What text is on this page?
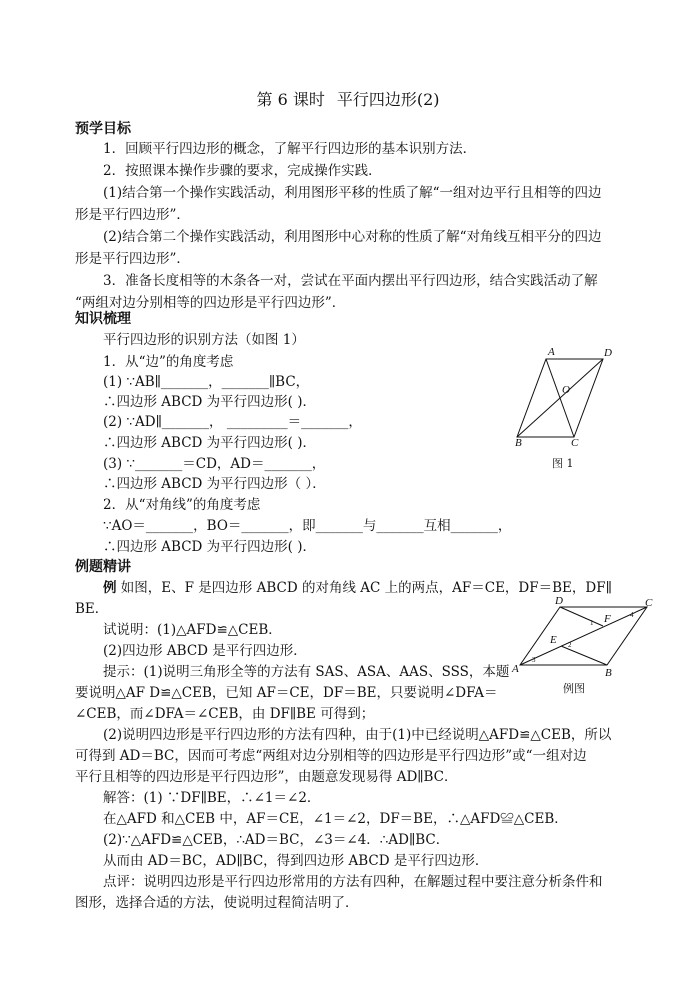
第 6 课时 平行四边形(2)
预学目标
1．回顾平行四边形的概念，了解平行四边形的基本识别方法．
2．按照课本操作步骤的要求，完成操作实践．
(1)结合第一个操作实践活动，利用图形平移的性质了解“一组对边平行且相等的四边
形是平行四边形”．
(2)结合第二个操作实践活动，利用图形中心对称的性质了解“对角线互相平分的四边
形是平行四边形”．
3．准备长度相等的木条各一对，尝试在平面内摆出平行四边形，结合实践活动了解
“两组对边分别相等的四边形是平行四边形”．
知识梳理
平行四边形的识别方法（如图 1）
1．从“边”的角度考虑
(1) ∵AB∥_______，_______∥BC，
∴四边形 ABCD 为平行四边形( )．
(2) ∵AD∥_______， _________＝_______，
∴四边形 ABCD 为平行四边形( )．
(3) ∵_______＝CD，AD＝_______，
∴四边形 ABCD 为平行四边形（ ）．
2．从“对角线”的角度考虑
∵AO＝_______，BO＝_______，即_______与_______互相_______，
∴四边形 ABCD 为平行四边形( )．
A	D
O
B	C
图 1
例题精讲
例 如图，E、F 是四边形 ABCD 的对角线 AC 上的两点，AF＝CE，DF＝BE，DF∥
BE．
试说明：(1)△AFD≌△CEB．
(2)四边形 ABCD 是平行四边形．
提示：(1)说明三角形全等的方法有 SAS、ASA、AAS、SSS，本题
要说明△AF D≌△CEB，已知 AF＝CE，DF＝BE，只要说明∠DFA＝
∠CEB，而∠DFA＝∠CEB，由 DF∥BE 可得到；
(2)说明四边形是平行四边形的方法有四种，由于(1)中已经说明△AFD≌△CEB，所以
可得到 AD＝BC，因而可考虑“两组对边分别相等的四边形是平行四边形”或“一组对边
平行且相等的四边形是平行四边形”，由题意发现易得 AD∥BC．
解答：(1) ∵DF∥BE，∴∠1＝∠2．
在△AFD 和△CEB 中，AF＝CE，∠1＝∠2，DF＝BE，∴△AFD≌△CEB．
(2)∵△AFD≌△CEB，∴AD＝BC，∠3＝∠4．∴AD∥BC．
从而由 AD＝BC，AD∥BC，得到四边形 ABCD 是平行四边形．
点评：说明四边形是平行四边形常用的方法有四种，在解题过程中要注意分析条件和
图形，选择合适的方法，使说明过程简洁明了．
D	C
F
E
A	B
1
2
3
4
例图
